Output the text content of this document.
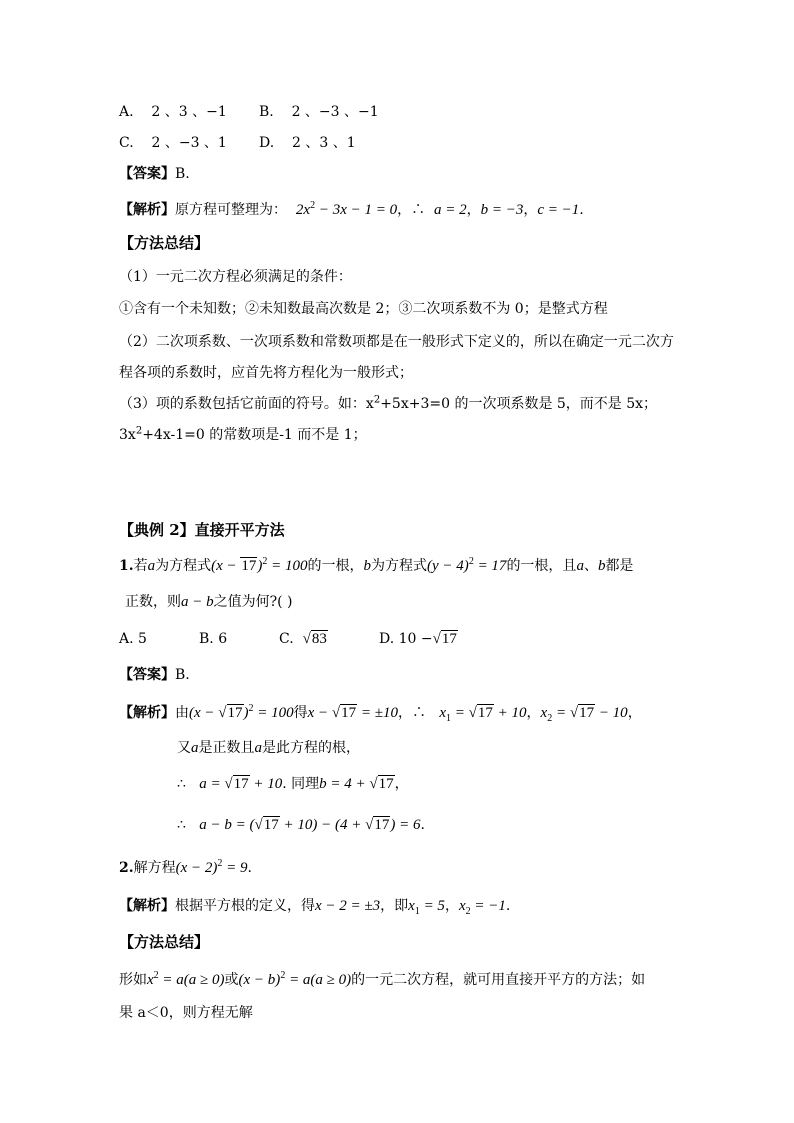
A. 2 、3 、−1 B. 2 、−3 、−1
C. 2 、−3 、1 D. 2 、3 、1
【答案】B.
【解析】原方程可整理为： $2x^2 - 3x - 1 = 0$，∴ a = 2，b = −3，c = −1.
【方法总结】
（1）一元二次方程必须满足的条件：
①含有一个未知数；②未知数最高次数是 2；③二次项系数不为 0；是整式方程
（2）二次项系数、一次项系数和常数项都是在一般形式下定义的，所以在确定一元二次方
程各项的系数时，应首先将方程化为一般形式；
（3）项的系数包括它前面的符号。如：$x^2+5x+3=0$ 的一次项系数是 5，而不是 5x；
$3x^2+4x-1=0$ 的常数项是-1 而不是 1；
【典例 2】直接开平方法
1.若a为方程式$(x - 17)^2 = 100$的一根，b为方程式$(y - 4)^2 = 17$的一根，且a、b都是
正数，则a − b之值为何?( )
A. 5	B. 6	C. √83	D. 10 −√17
【答案】B.
【解析】由$(x - √17)^2 = 100$得x − √17 = ±10，∴ $x_1 = √17 + 10$，$x_2 = √17 - 10$，
又a是正数且a是此方程的根，
∴ a = √17 + 10. 同理b = 4 + √17，
∴ a − b = (√17 + 10) − (4 + √17) = 6.
2.解方程$(x - 2)^2 = 9$.
【解析】根据平方根的定义，得x − 2 = ±3，即$x_1 = 5$，$x_2 = -1$.
【方法总结】
形如$x^2 = a(a \ge 0)$或$(x - b)^2 = a(a \ge 0)$的一元二次方程，就可用直接开平方的方法；如
果 a＜0，则方程无解
